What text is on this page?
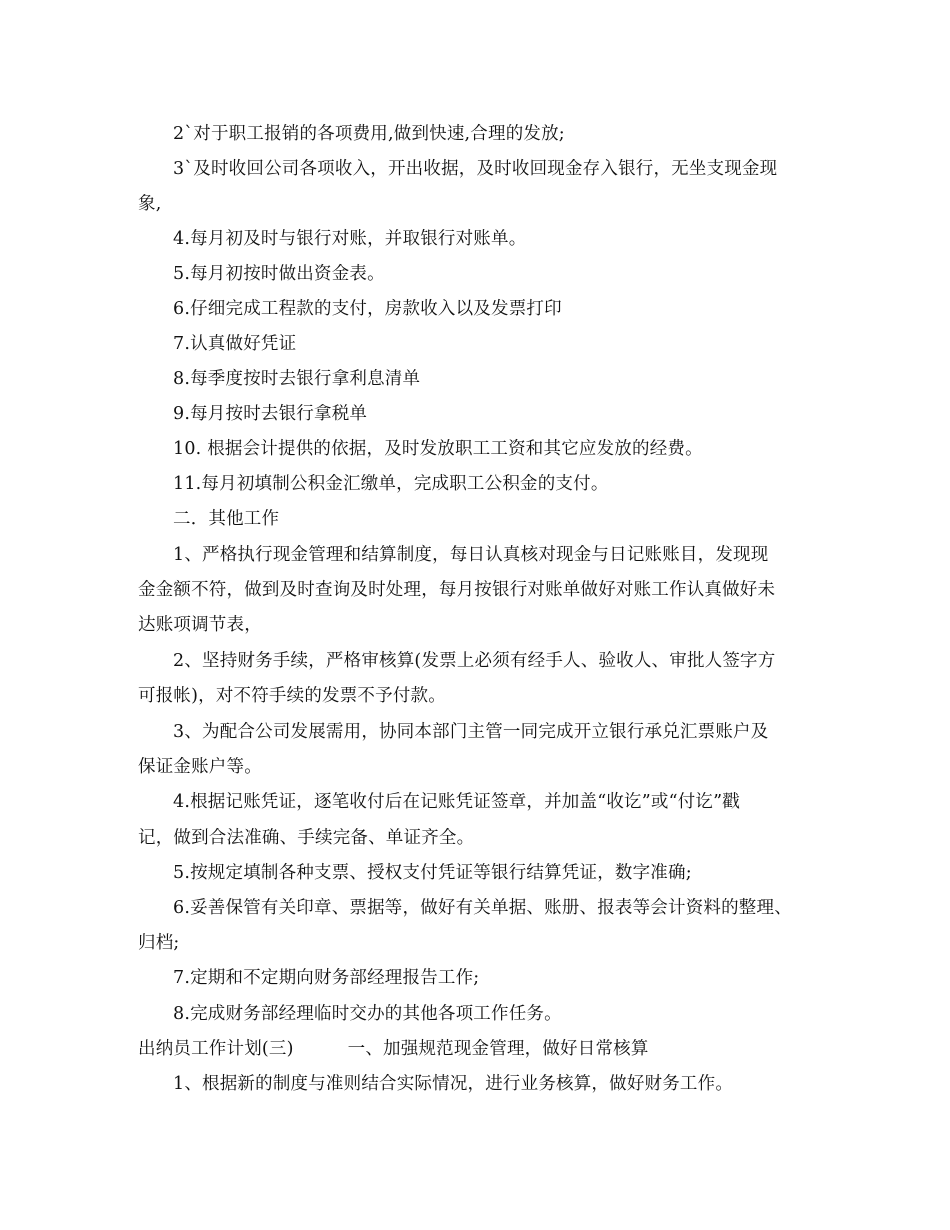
2`对于职工报销的各项费用,做到快速,合理的发放;
3`及时收回公司各项收入，开出收据，及时收回现金存入银行，无坐支现金现
象,
4.每月初及时与银行对账，并取银行对账单。
5.每月初按时做出资金表。
6.仔细完成工程款的支付，房款收入以及发票打印
7.认真做好凭证
8.每季度按时去银行拿利息清单
9.每月按时去银行拿税单
10. 根据会计提供的依据，及时发放职工工资和其它应发放的经费。
11.每月初填制公积金汇缴单，完成职工公积金的支付。
二．其他工作
1、严格执行现金管理和结算制度，每日认真核对现金与日记账账目，发现现
金金额不符，做到及时查询及时处理，每月按银行对账单做好对账工作认真做好未
达账项调节表，
2、坚持财务手续，严格审核算(发票上必须有经手人、验收人、审批人签字方
可报帐)，对不符手续的发票不予付款。
3、为配合公司发展需用，协同本部门主管一同完成开立银行承兑汇票账户及
保证金账户等。
4.根据记账凭证，逐笔收付后在记账凭证签章，并加盖“收讫”或“付讫”戳
记，做到合法准确、手续完备、单证齐全。
5.按规定填制各种支票、授权支付凭证等银行结算凭证，数字准确;
6.妥善保管有关印章、票据等，做好有关单据、账册、报表等会计资料的整理、
归档;
7.定期和不定期向财务部经理报告工作;
8.完成财务部经理临时交办的其他各项工作任务。
出纳员工作计划(三)	一、加强规范现金管理，做好日常核算
1、根据新的制度与准则结合实际情况，进行业务核算，做好财务工作。
